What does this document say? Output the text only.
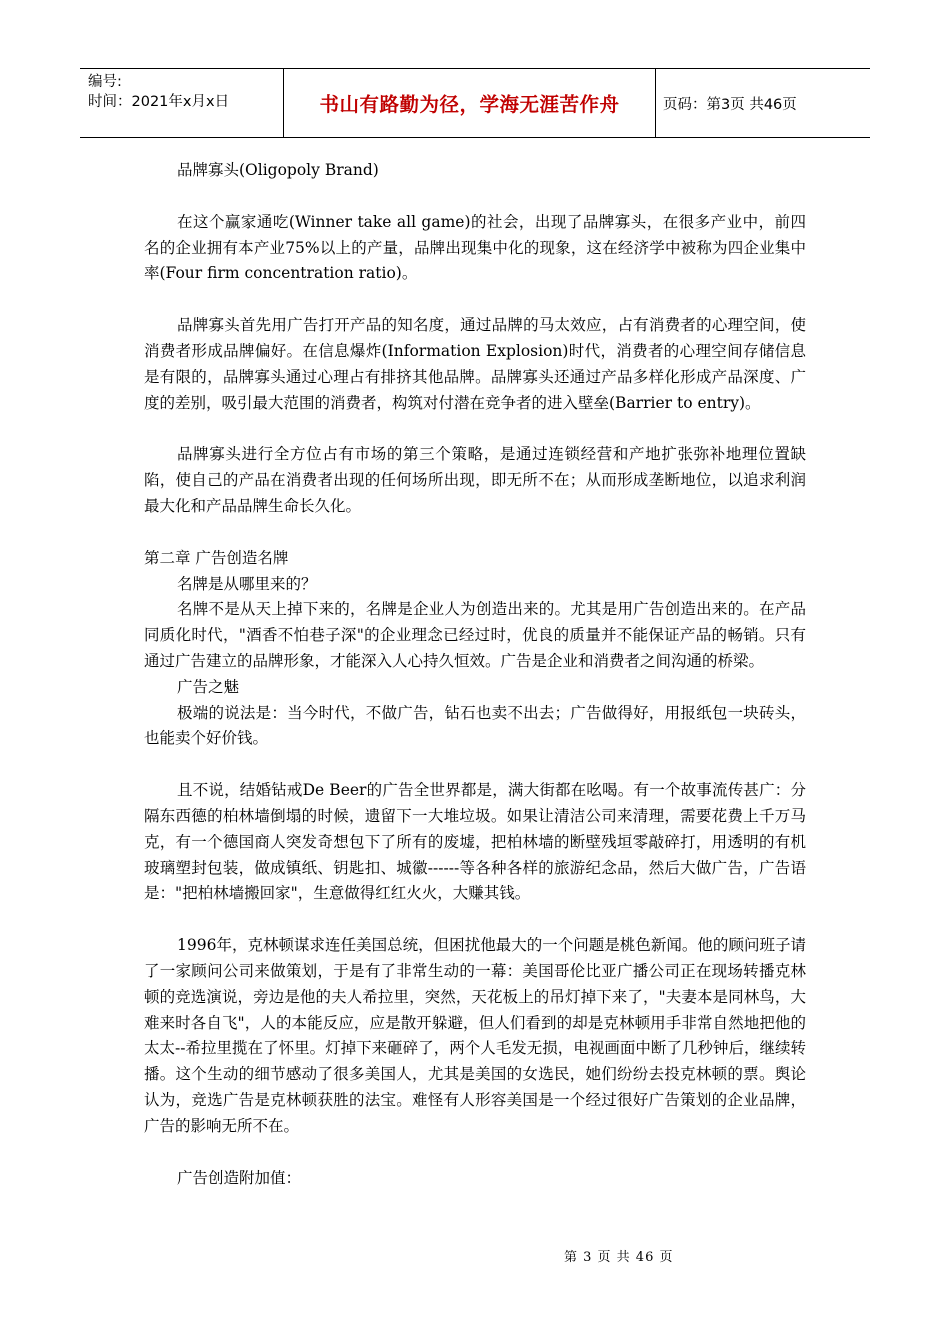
编号:
时间：2021年x月x日	书山有路勤为径，学海无涯苦作舟	页码：第3页 共46页

品牌寡头(Oligopoly Brand)

在这个赢家通吃(Winner take all game)的社会，出现了品牌寡头，在很多产业中，前四名的企业拥有本产业75%以上的产量，品牌出现集中化的现象，这在经济学中被称为四企业集中率(Four firm concentration ratio)。

品牌寡头首先用广告打开产品的知名度，通过品牌的马太效应，占有消费者的心理空间，使消费者形成品牌偏好。在信息爆炸(Information Explosion)时代，消费者的心理空间存储信息是有限的，品牌寡头通过心理占有排挤其他品牌。品牌寡头还通过产品多样化形成产品深度、广度的差别，吸引最大范围的消费者，构筑对付潜在竞争者的进入壁垒(Barrier to entry)。

品牌寡头进行全方位占有市场的第三个策略，是通过连锁经营和产地扩张弥补地理位置缺陷，使自己的产品在消费者出现的任何场所出现，即无所不在；从而形成垄断地位，以追求利润最大化和产品品牌生命长久化。

第二章 广告创造名牌

名牌是从哪里来的？

名牌不是从天上掉下来的，名牌是企业人为创造出来的。尤其是用广告创造出来的。在产品同质化时代，"酒香不怕巷子深"的企业理念已经过时，优良的质量并不能保证产品的畅销。只有通过广告建立的品牌形象，才能深入人心持久恒效。广告是企业和消费者之间沟通的桥梁。

广告之魅

极端的说法是：当今时代，不做广告，钻石也卖不出去；广告做得好，用报纸包一块砖头，也能卖个好价钱。

且不说，结婚钻戒De Beer的广告全世界都是，满大街都在吆喝。有一个故事流传甚广：分隔东西德的柏林墙倒塌的时候，遗留下一大堆垃圾。如果让清洁公司来清理，需要花费上千万马克，有一个德国商人突发奇想包下了所有的废墟，把柏林墙的断壁残垣零敲碎打，用透明的有机玻璃塑封包装，做成镇纸、钥匙扣、城徽------等各种各样的旅游纪念品，然后大做广告，广告语是："把柏林墙搬回家"，生意做得红红火火，大赚其钱。

1996年，克林顿谋求连任美国总统，但困扰他最大的一个问题是桃色新闻。他的顾问班子请了一家顾问公司来做策划，于是有了非常生动的一幕：美国哥伦比亚广播公司正在现场转播克林顿的竞选演说，旁边是他的夫人希拉里，突然，天花板上的吊灯掉下来了，"夫妻本是同林鸟，大难来时各自飞"，人的本能反应，应是散开躲避，但人们看到的却是克林顿用手非常自然地把他的太太--希拉里揽在了怀里。灯掉下来砸碎了，两个人毛发无损，电视画面中断了几秒钟后，继续转播。这个生动的细节感动了很多美国人，尤其是美国的女选民，她们纷纷去投克林顿的票。舆论认为，竞选广告是克林顿获胜的法宝。难怪有人形容美国是一个经过很好广告策划的企业品牌，广告的影响无所不在。

广告创造附加值：

第 3 页 共 46 页
